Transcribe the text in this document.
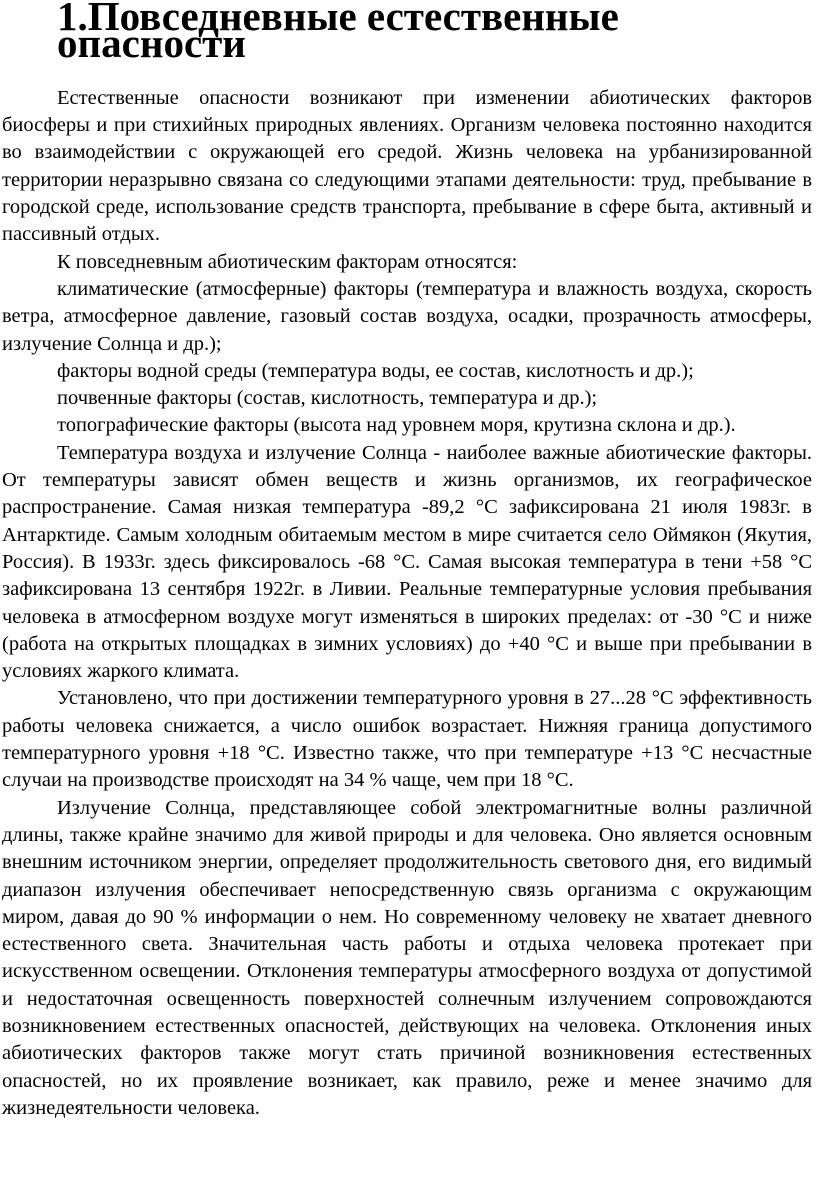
1.Повседневные естественные опасности

Естественные опасности возникают при изменении абиотических факторов биосферы и при стихийных природных явлениях. Организм человека постоянно находится во взаимодействии с окружающей его средой. Жизнь человека на урбанизированной территории неразрывно связана со следующими этапами деятельности: труд, пребывание в городской среде, использование средств транспорта, пребывание в сфере быта, активный и пассивный отдых.

К повседневным абиотическим факторам относятся:

климатические (атмосферные) факторы (температура и влажность воздуха, скорость ветра, атмосферное давление, газовый состав воздуха, осадки, прозрачность атмосферы, излучение Солнца и др.);

факторы водной среды (температура воды, ее состав, кислотность и др.);

почвенные факторы (состав, кислотность, температура и др.);

топографические факторы (высота над уровнем моря, крутизна склона и др.).

Температура воздуха и излучение Солнца - наиболее важные абиотические факторы. От температуры зависят обмен веществ и жизнь организмов, их географическое распространение. Самая низкая температура -89,2 °C зафиксирована 21 июля 1983г. в Антарктиде. Самым холодным обитаемым местом в мире считается село Оймякон (Якутия, Россия). В 1933г. здесь фиксировалось -68 °C. Самая высокая температура в тени +58 °C зафиксирована 13 сентября 1922г. в Ливии. Реальные температурные условия пребывания человека в атмосферном воздухе могут изменяться в широких пределах: от -30 °C и ниже (работа на открытых площадках в зимних условиях) до +40 °C и выше при пребывании в условиях жаркого климата.

Установлено, что при достижении температурного уровня в 27...28 °C эффективность работы человека снижается, а число ошибок возрастает. Нижняя граница допустимого температурного уровня +18 °C. Известно также, что при температуре +13 °C несчастные случаи на производстве происходят на 34 % чаще, чем при 18 °C.

Излучение Солнца, представляющее собой электромагнитные волны различной длины, также крайне значимо для живой природы и для человека. Оно является основным внешним источником энергии, определяет продолжительность светового дня, его видимый диапазон излучения обеспечивает непосредственную связь организма с окружающим миром, давая до 90 % информации о нем. Но современному человеку не хватает дневного естественного света. Значительная часть работы и отдыха человека протекает при искусственном освещении. Отклонения температуры атмосферного воздуха от допустимой и недостаточная освещенность поверхностей солнечным излучением сопровождаются возникновением естественных опасностей, действующих на человека. Отклонения иных абиотических факторов также могут стать причиной возникновения естественных опасностей, но их проявление возникает, как правило, реже и менее значимо для жизнедеятельности человека.
